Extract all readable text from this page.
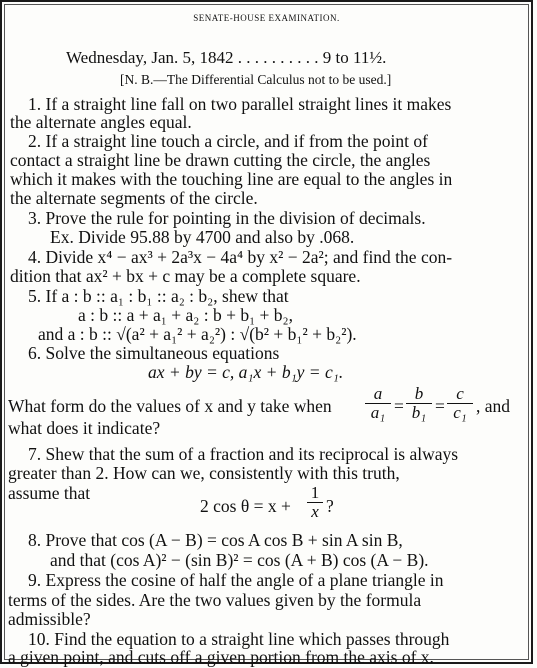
SENATE-HOUSE EXAMINATION.
Wednesday, Jan. 5, 1842 . . . . . . . . . . 9 to 11½.
[N. B.—The Differential Calculus not to be used.]
1. If a straight line fall on two parallel straight lines it makes
the alternate angles equal.
2. If a straight line touch a circle, and if from the point of
contact a straight line be drawn cutting the circle, the angles
which it makes with the touching line are equal to the angles in
the alternate segments of the circle.
3. Prove the rule for pointing in the division of decimals.
Ex. Divide 95.88 by 4700 and also by .068.
4. Divide x⁴ − ax³ + 2a³x − 4a⁴ by x² − 2a²; and find the con-
dition that ax² + bx + c may be a complete square.
5. If a : b :: a₁ : b₁ :: a₂ : b₂, shew that
a : b :: a + a₁ + a₂ : b + b₁ + b₂,
and a : b :: √(a² + a₁² + a₂²) : √(b² + b₁² + b₂²).
6. Solve the simultaneous equations
ax + by = c, a₁x + b₁y = c₁.
What form do the values of x and y take when $\frac{a}{\text{a₁}} = \frac{b}{\text{b₁}} = \frac{c}{\text{c₁}}$ , and
what does it indicate?
7. Shew that the sum of a fraction and its reciprocal is always
greater than 2. How can we, consistently with this truth,
assume that
2 $\cos \theta = x + \frac{1}{x}$ ?
8. Prove that cos (A − B) = cos A cos B + sin A sin B,
and that (cos A)² − (sin B)² = cos (A + B) cos (A − B).
9. Express the cosine of half the angle of a plane triangle in
terms of the sides. Are the two values given by the formula
admissible?
10. Find the equation to a straight line which passes through
a given point, and cuts off a given portion from the axis of x.
